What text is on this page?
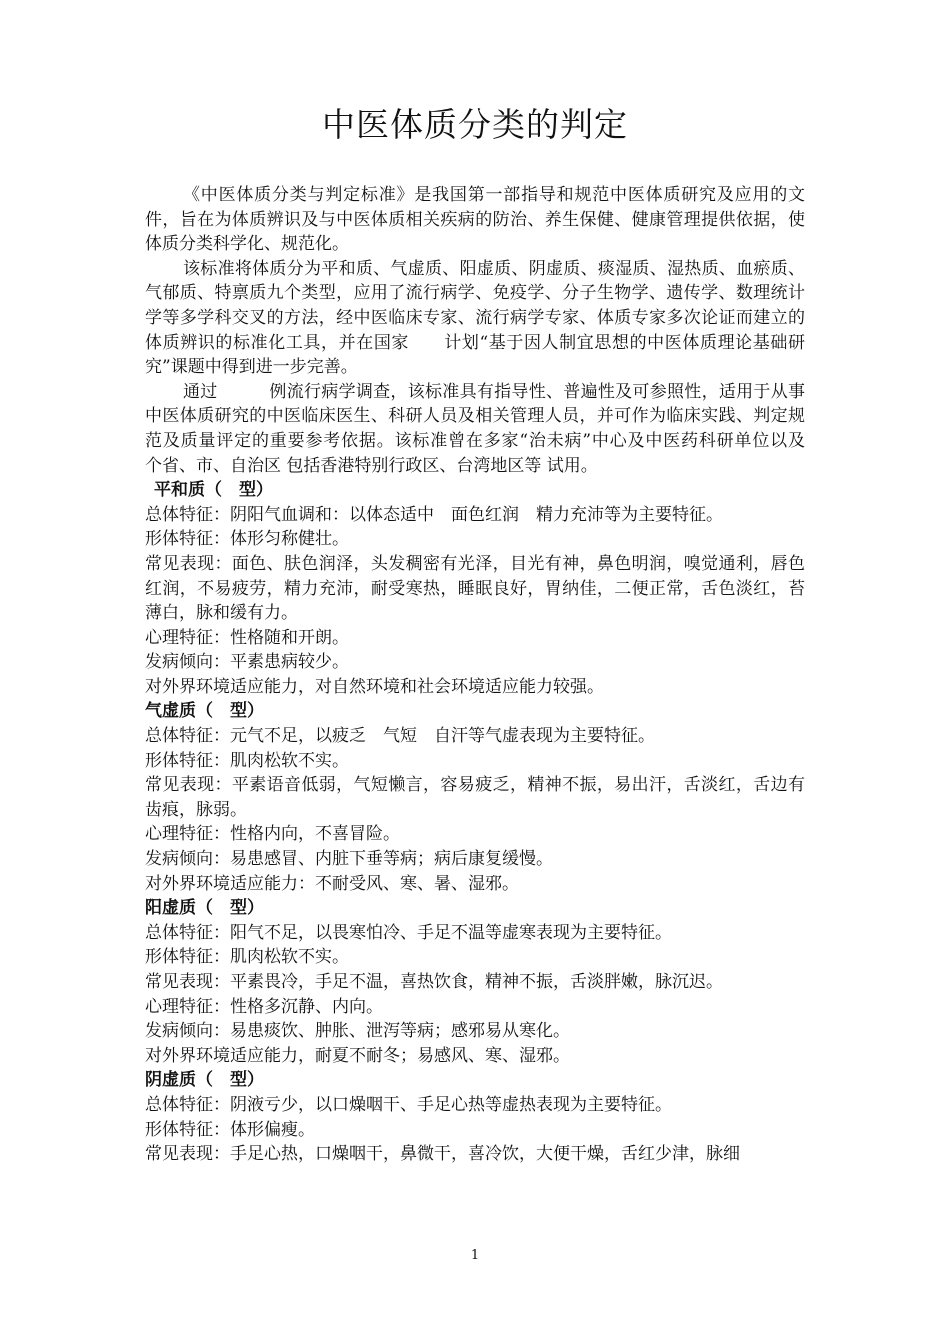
中医体质分类的判定

《中医体质分类与判定标准》是我国第一部指导和规范中医体质研究及应用的文件，旨在为体质辨识及与中医体质相关疾病的防治、养生保健、健康管理提供依据，使体质分类科学化、规范化。

该标准将体质分为平和质、气虚质、阳虚质、阴虚质、痰湿质、湿热质、血瘀质、气郁质、特禀质九个类型，应用了流行病学、免疫学、分子生物学、遗传学、数理统计学等多学科交叉的方法，经中医临床专家、流行病学专家、体质专家多次论证而建立的体质辨识的标准化工具，并在国家　　计划“基于因人制宜思想的中医体质理论基础研究”课题中得到进一步完善。

通过　　　例流行病学调查，该标准具有指导性、普遍性及可参照性，适用于从事中医体质研究的中医临床医生、科研人员及相关管理人员，并可作为临床实践、判定规范及质量评定的重要参考依据。该标准曾在多家“治未病”中心及中医药科研单位以及　　个省、市、自治区 包括香港特别行政区、台湾地区等 试用。

平和质（　型）

总体特征：阴阳气血调和：以体态适中　面色红润　精力充沛等为主要特征。

形体特征：体形匀称健壮。

常见表现：面色、肤色润泽，头发稠密有光泽，目光有神，鼻色明润，嗅觉通利，唇色红润，不易疲劳，精力充沛，耐受寒热，睡眠良好，胃纳佳，二便正常，舌色淡红，苔薄白，脉和缓有力。

心理特征：性格随和开朗。

发病倾向：平素患病较少。

对外界环境适应能力，对自然环境和社会环境适应能力较强。

气虚质（　型）

总体特征：元气不足，以疲乏　气短　自汗等气虚表现为主要特征。

形体特征：肌肉松软不实。

常见表现：平素语音低弱，气短懒言，容易疲乏，精神不振，易出汗，舌淡红，舌边有齿痕，脉弱。

心理特征：性格内向，不喜冒险。

发病倾向：易患感冒、内脏下垂等病；病后康复缓慢。

对外界环境适应能力：不耐受风、寒、暑、湿邪。

阳虚质（　型）

总体特征：阳气不足，以畏寒怕冷、手足不温等虚寒表现为主要特征。

形体特征：肌肉松软不实。

常见表现：平素畏冷，手足不温，喜热饮食，精神不振，舌淡胖嫩，脉沉迟。

心理特征：性格多沉静、内向。

发病倾向：易患痰饮、肿胀、泄泻等病；感邪易从寒化。

对外界环境适应能力，耐夏不耐冬；易感风、寒、湿邪。

阴虚质（　型）

总体特征：阴液亏少，以口燥咽干、手足心热等虚热表现为主要特征。

形体特征：体形偏瘦。

常见表现：手足心热，口燥咽干，鼻微干，喜冷饮，大便干燥，舌红少津，脉细

1
